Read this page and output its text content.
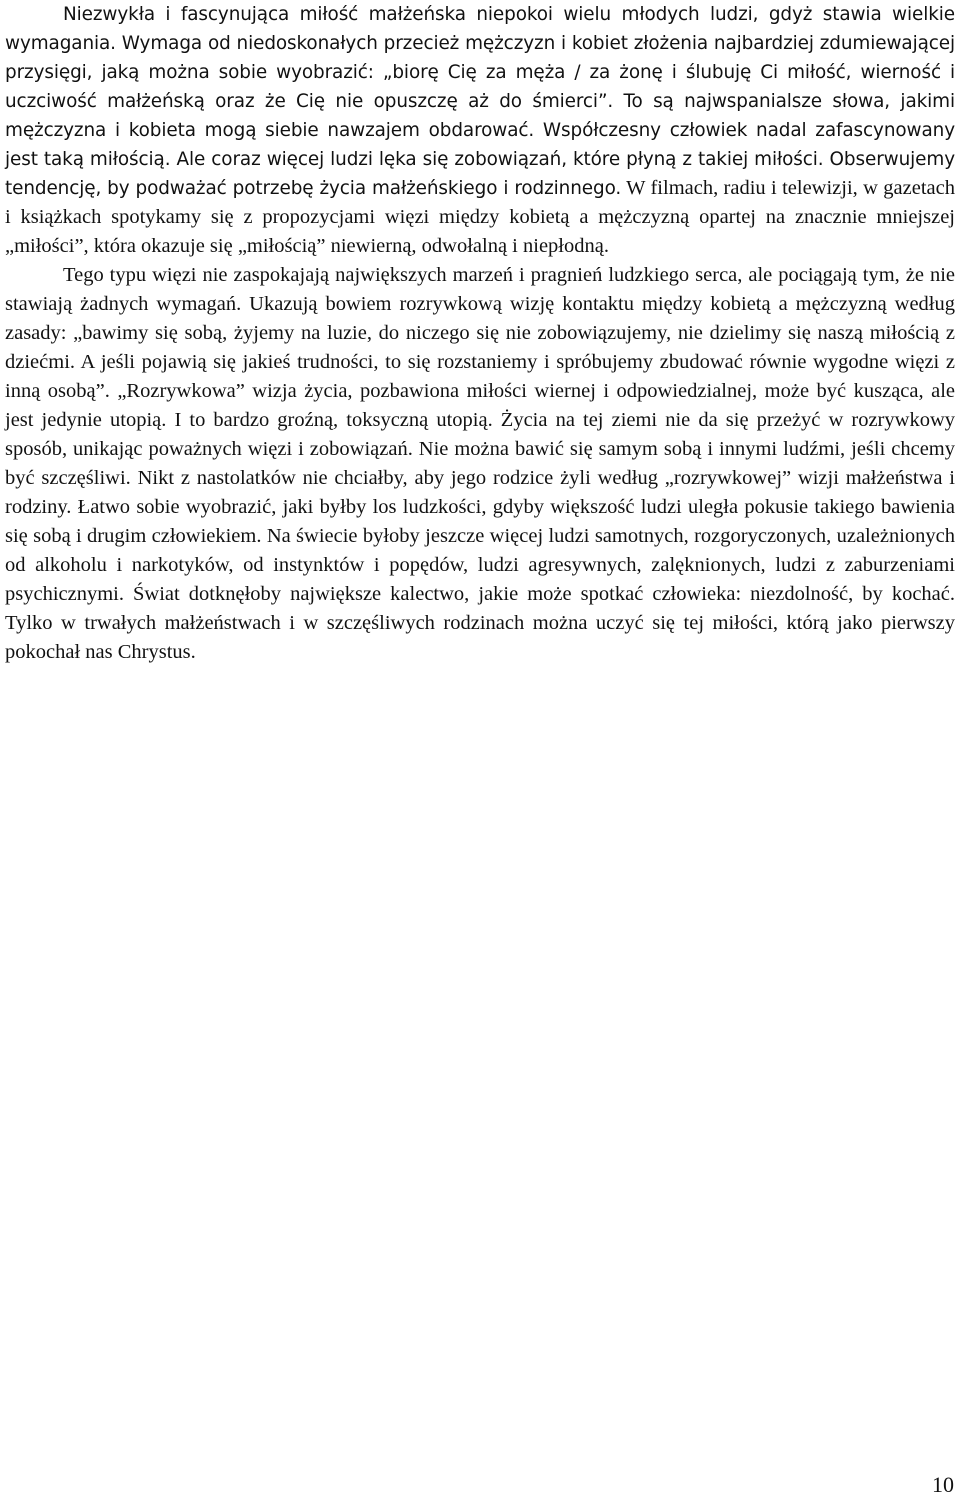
Niezwykła i fascynująca miłość małżeńska niepokoi wielu młodych ludzi, gdyż stawia wielkie wymagania. Wymaga od niedoskonałych przecież mężczyzn i kobiet złożenia najbardziej zdumiewającej przysięgi, jaką można sobie wyobrazić: „biorę Cię za męża / za żonę i ślubuję Ci miłość, wierność i uczciwość małżeńską oraz że Cię nie opuszczę aż do śmierci”. To są najwspanialsze słowa, jakimi mężczyzna i kobieta mogą siebie nawzajem obdarować. Współczesny człowiek nadal zafascynowany jest taką miłością. Ale coraz więcej ludzi lęka się zobowiązań, które płyną z takiej miłości. Obserwujemy tendencję, by podważać potrzebę życia małżeńskiego i rodzinnego. W filmach, radiu i telewizji, w gazetach i książkach spotykamy się z propozycjami więzi między kobietą a mężczyzną opartej na znacznie mniejszej „miłości”, która okazuje się „miłością” niewierną, odwołalną i niepłodną.

Tego typu więzi nie zaspokajają największych marzeń i pragnień ludzkiego serca, ale pociągają tym, że nie stawiają żadnych wymagań. Ukazują bowiem rozrywkową wizję kontaktu między kobietą a mężczyzną według zasady: „bawimy się sobą, żyjemy na luzie, do niczego się nie zobowiązujemy, nie dzielimy się naszą miłością z dziećmi. A jeśli pojawią się jakieś trudności, to się rozstaniemy i spróbujemy zbudować równie wygodne więzi z inną osobą”. „Rozrywkowa” wizja życia, pozbawiona miłości wiernej i odpowiedzialnej, może być kusząca, ale jest jedynie utopią. I to bardzo groźną, toksyczną utopią. Życia na tej ziemi nie da się przeżyć w rozrywkowy sposób, unikając poważnych więzi i zobowiązań. Nie można bawić się samym sobą i innymi ludźmi, jeśli chcemy być szczęśliwi. Nikt z nastolatków nie chciałby, aby jego rodzice żyli według „rozrywkowej” wizji małżeństwa i rodziny. Łatwo sobie wyobrazić, jaki byłby los ludzkości, gdyby większość ludzi uległa pokusie takiego bawienia się sobą i drugim człowiekiem. Na świecie byłoby jeszcze więcej ludzi samotnych, rozgoryczonych, uzależnionych od alkoholu i narkotyków, od instynktów i popędów, ludzi agresywnych, zalęknionych, ludzi z zaburzeniami psychicznymi. Świat dotknęłoby największe kalectwo, jakie może spotkać człowieka: niezdolność, by kochać. Tylko w trwałych małżeństwach i w szczęśliwych rodzinach można uczyć się tej miłości, którą jako pierwszy pokochał nas Chrystus.

10
